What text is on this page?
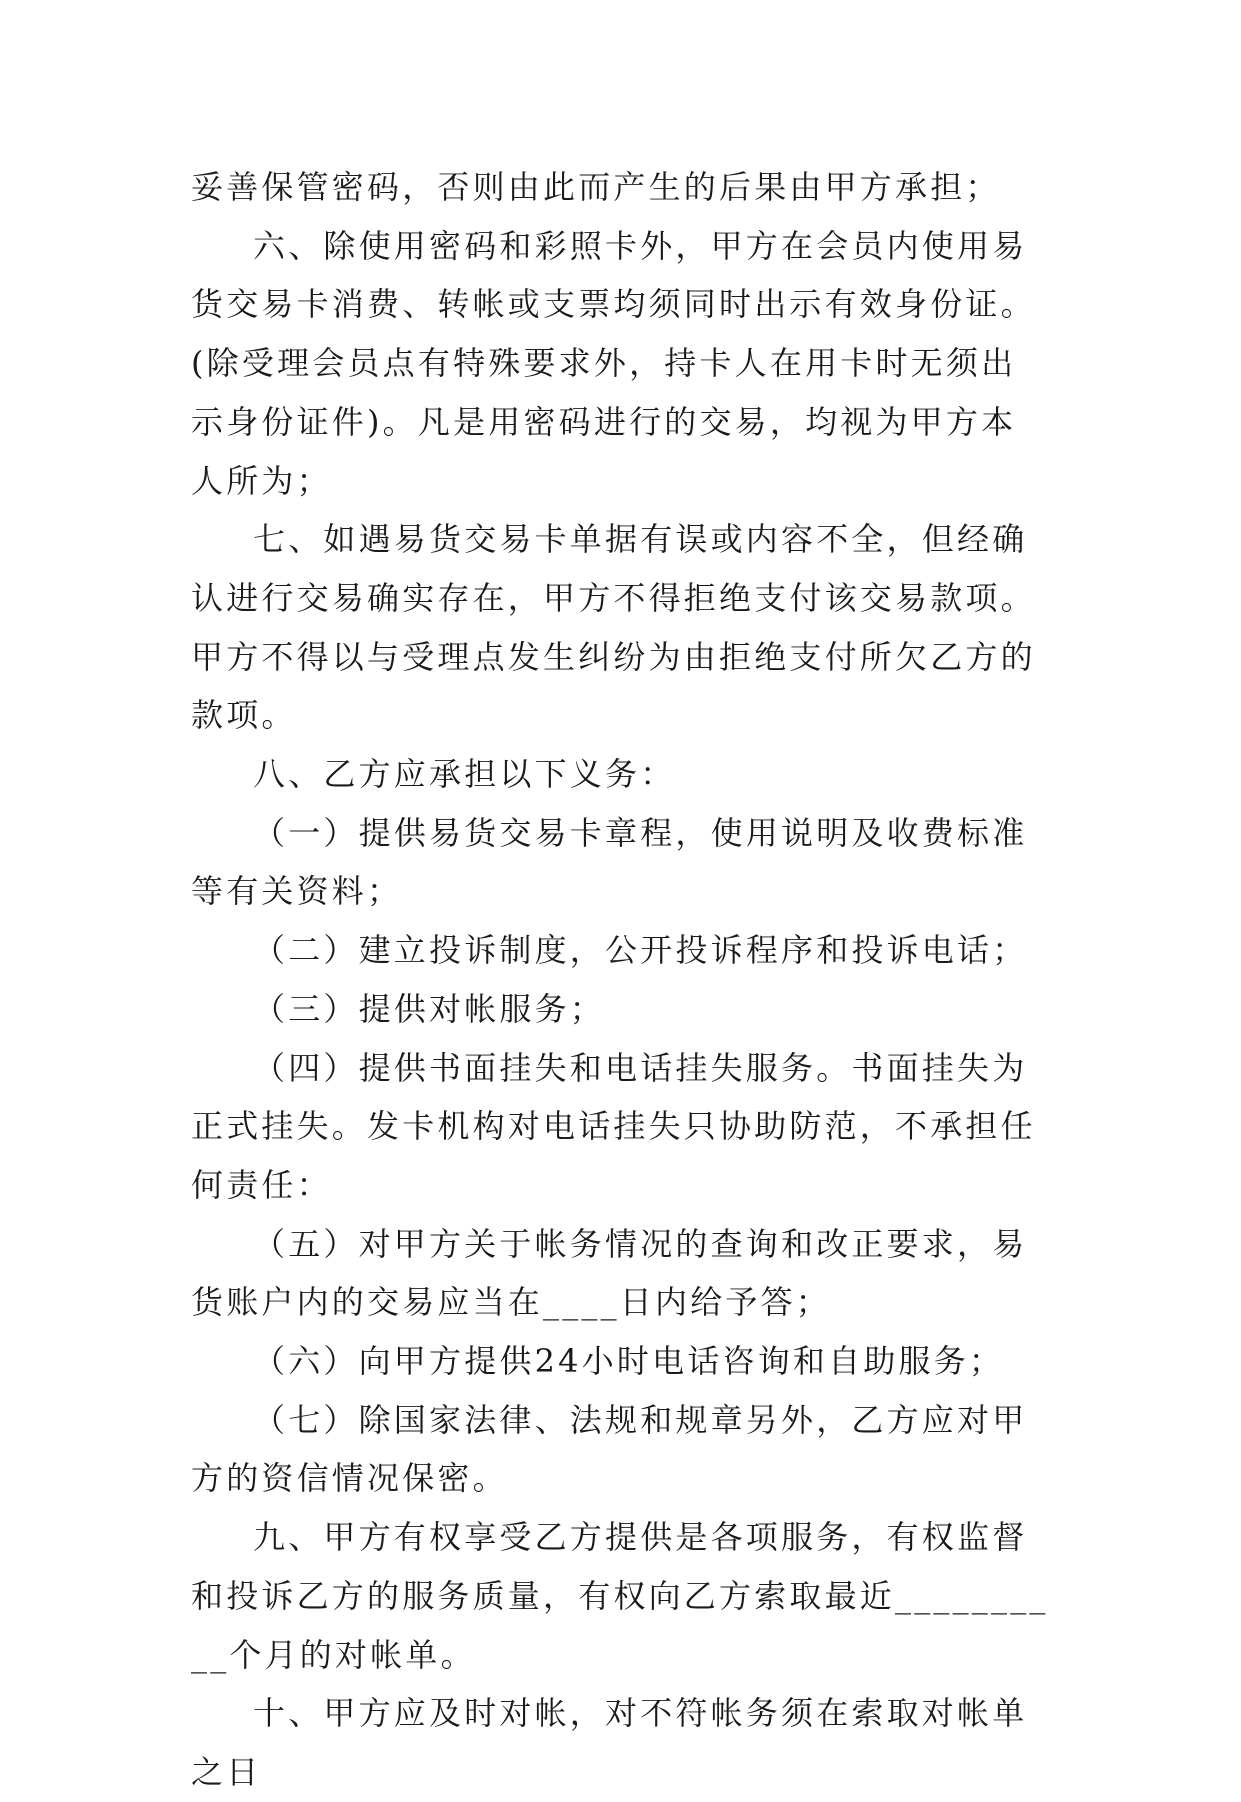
妥善保管密码，否则由此而产生的后果由甲方承担；

六、除使用密码和彩照卡外，甲方在会员内使用易货交易卡消费、转帐或支票均须同时出示有效身份证。(除受理会员点有特殊要求外，持卡人在用卡时无须出示身份证件)。凡是用密码进行的交易，均视为甲方本人所为；

七、如遇易货交易卡单据有误或内容不全，但经确认进行交易确实存在，甲方不得拒绝支付该交易款项。甲方不得以与受理点发生纠纷为由拒绝支付所欠乙方的款项。

八、乙方应承担以下义务：

（一）提供易货交易卡章程，使用说明及收费标准等有关资料；

（二）建立投诉制度，公开投诉程序和投诉电话；

（三）提供对帐服务；

（四）提供书面挂失和电话挂失服务。书面挂失为正式挂失。发卡机构对电话挂失只协助防范，不承担任何责任：

（五）对甲方关于帐务情况的查询和改正要求，易货账户内的交易应当在____日内给予答；

（六）向甲方提供24小时电话咨询和自助服务；

（七）除国家法律、法规和规章另外，乙方应对甲方的资信情况保密。

九、甲方有权享受乙方提供是各项服务，有权监督和投诉乙方的服务质量，有权向乙方索取最近__________个月的对帐单。

十、甲方应及时对帐，对不符帐务须在索取对帐单之日
